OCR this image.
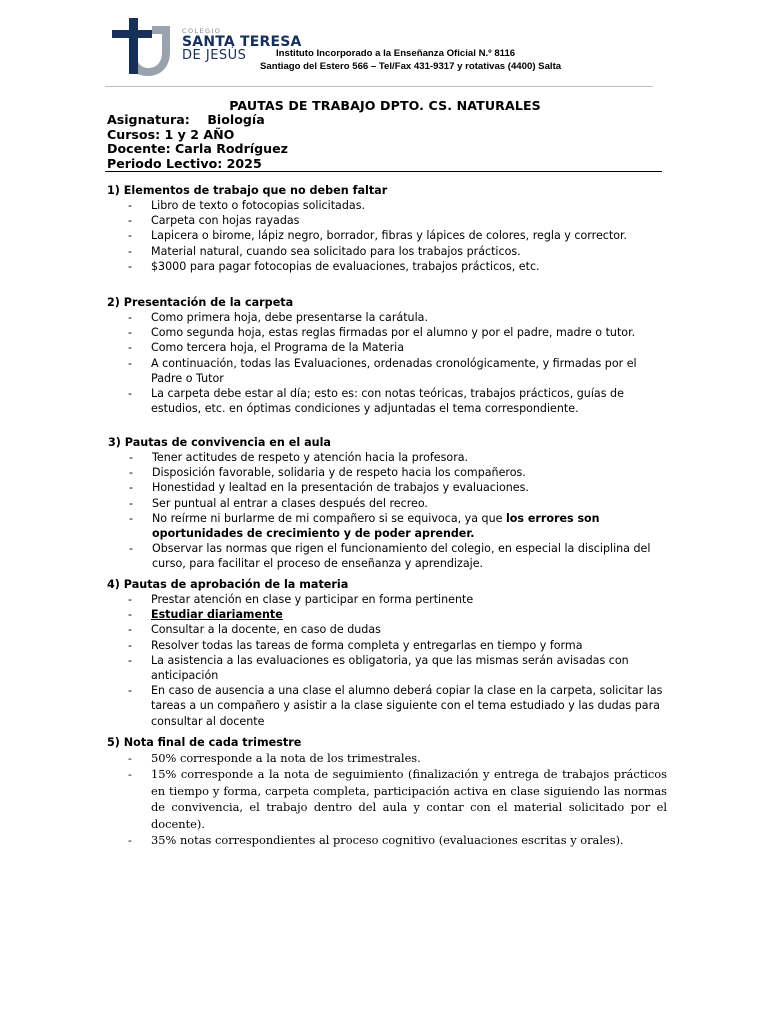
COLEGIO
SANTA TERESA
DE JESÚS	Instituto Incorporado a la Enseñanza Oficial N.º 8116
Santiago del Estero 566 – Tel/Fax 431-9317 y rotativas (4400) Salta
PAUTAS DE TRABAJO DPTO. CS. NATURALES
Asignatura: Biología
Cursos: 1 y 2 AÑO
Docente: Carla Rodríguez
Periodo Lectivo: 2025
1) Elementos de trabajo que no deben faltar
- Libro de texto o fotocopias solicitadas.
- Carpeta con hojas rayadas
- Lapicera o birome, lápiz negro, borrador, fibras y lápices de colores, regla y corrector.
- Material natural, cuando sea solicitado para los trabajos prácticos.
- $3000 para pagar fotocopias de evaluaciones, trabajos prácticos, etc.
2) Presentación de la carpeta
- Como primera hoja, debe presentarse la carátula.
- Como segunda hoja, estas reglas firmadas por el alumno y por el padre, madre o tutor.
- Como tercera hoja, el Programa de la Materia
- A continuación, todas las Evaluaciones, ordenadas cronológicamente, y firmadas por el Padre o Tutor
- La carpeta debe estar al día; esto es: con notas teóricas, trabajos prácticos, guías de estudios, etc. en óptimas condiciones y adjuntadas el tema correspondiente.
3) Pautas de convivencia en el aula
- Tener actitudes de respeto y atención hacia la profesora.
- Disposición favorable, solidaria y de respeto hacia los compañeros.
- Honestidad y lealtad en la presentación de trabajos y evaluaciones.
- Ser puntual al entrar a clases después del recreo.
- No reírme ni burlarme de mi compañero si se equivoca, ya que los errores son oportunidades de crecimiento y de poder aprender.
- Observar las normas que rigen el funcionamiento del colegio, en especial la disciplina del curso, para facilitar el proceso de enseñanza y aprendizaje.
4) Pautas de aprobación de la materia
- Prestar atención en clase y participar en forma pertinente
- Estudiar diariamente
- Consultar a la docente, en caso de dudas
- Resolver todas las tareas de forma completa y entregarlas en tiempo y forma
- La asistencia a las evaluaciones es obligatoria, ya que las mismas serán avisadas con anticipación
- En caso de ausencia a una clase el alumno deberá copiar la clase en la carpeta, solicitar las tareas a un compañero y asistir a la clase siguiente con el tema estudiado y las dudas para consultar al docente
5) Nota final de cada trimestre
- 50% corresponde a la nota de los trimestrales.
- 15% corresponde a la nota de seguimiento (finalización y entrega de trabajos prácticos en tiempo y forma, carpeta completa, participación activa en clase siguiendo las normas de convivencia, el trabajo dentro del aula y contar con el material solicitado por el docente).
- 35% notas correspondientes al proceso cognitivo (evaluaciones escritas y orales).
